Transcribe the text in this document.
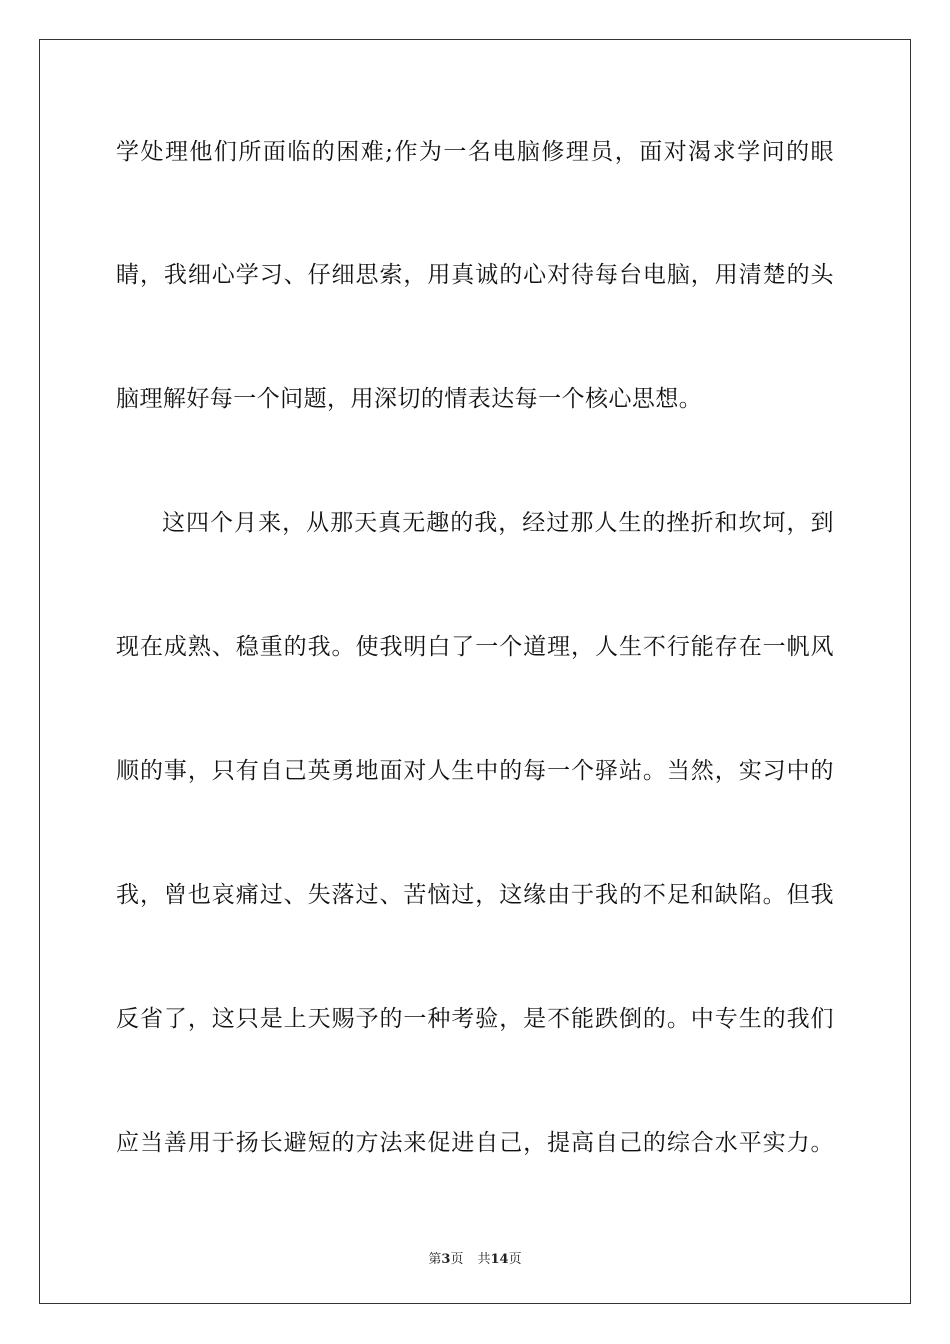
学处理他们所面临的困难;作为一名电脑修理员，面对渴求学问的眼
睛，我细心学习、仔细思索，用真诚的心对待每台电脑，用清楚的头
脑理解好每一个问题，用深切的情表达每一个核心思想。
这四个月来，从那天真无趣的我，经过那人生的挫折和坎坷，到
现在成熟、稳重的我。使我明白了一个道理，人生不行能存在一帆风
顺的事，只有自己英勇地面对人生中的每一个驿站。当然，实习中的
我，曾也哀痛过、失落过、苦恼过，这缘由于我的不足和缺陷。但我
反省了，这只是上天赐予的一种考验，是不能跌倒的。中专生的我们
应当善用于扬长避短的方法来促进自己，提高自己的综合水平实力。
第3页 共14页
